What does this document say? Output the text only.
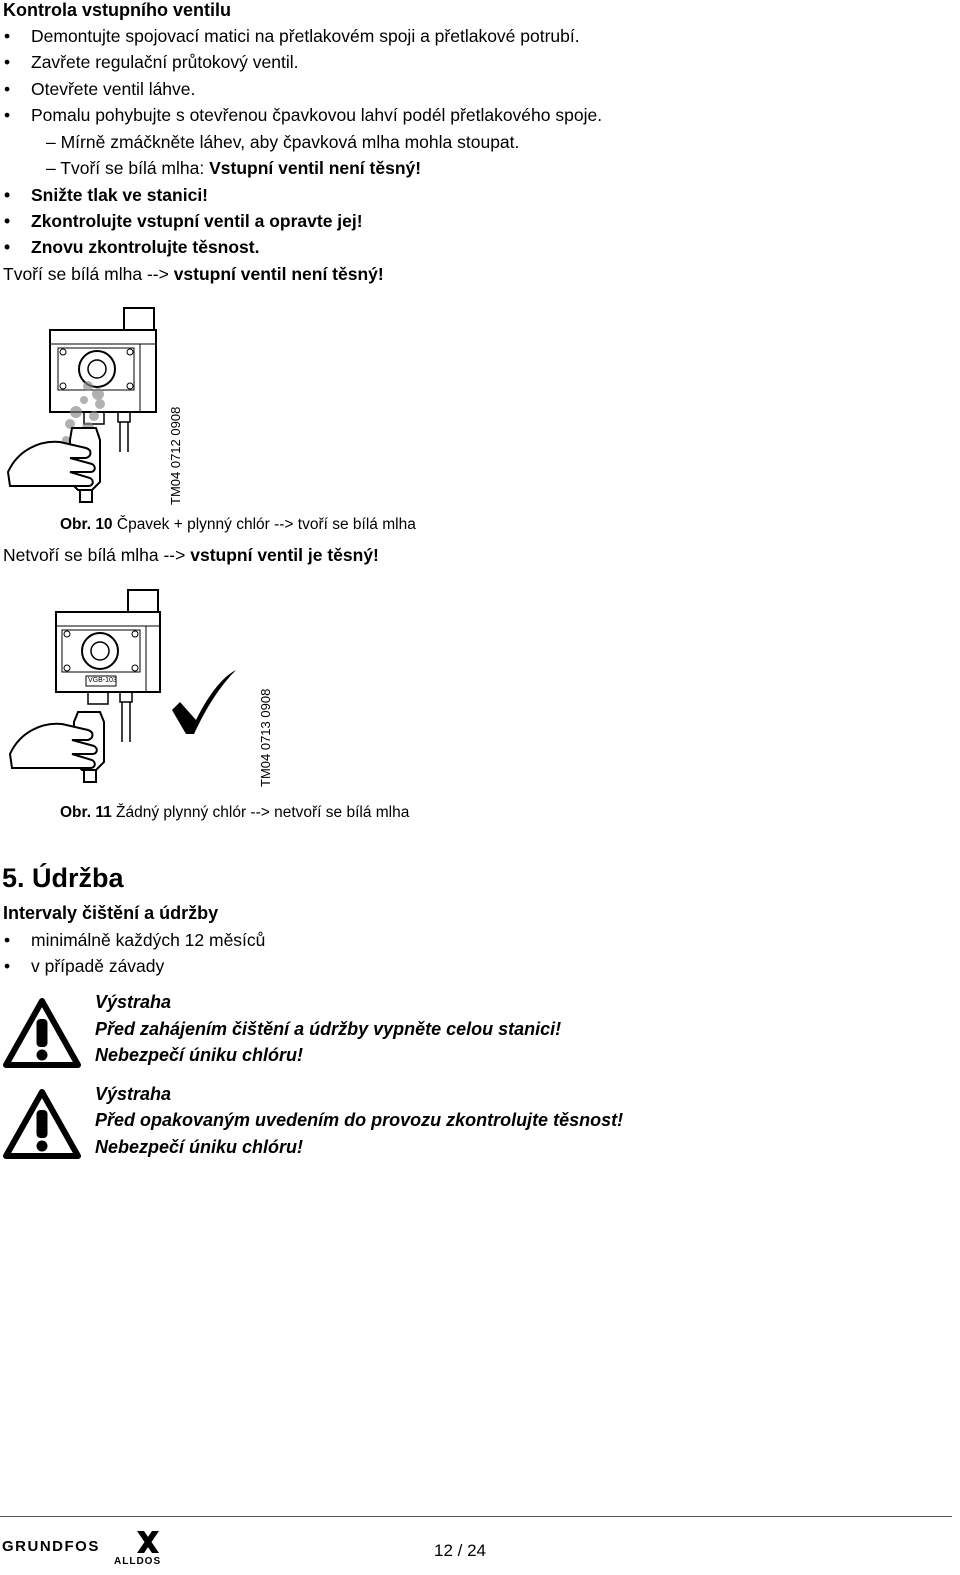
Kontrola vstupního ventilu
• Demontujte spojovací matici na přetlakovém spoji a přetlakové potrubí.
• Zavřete regulační průtokový ventil.
• Otevřete ventil láhve.
• Pomalu pohybujte s otevřenou čpavkovou lahví podél přetlakového spoje.
– Mírně zmáčkněte láhev, aby čpavková mlha mohla stoupat.
– Tvoří se bílá mlha: Vstupní ventil není těsný!
• Snižte tlak ve stanici!
• Zkontrolujte vstupní ventil a opravte jej!
• Znovu zkontrolujte těsnost.
Tvoří se bílá mlha --> vstupní ventil není těsný!
TM04 0712 0908
Obr. 10 Čpavek + plynný chlór --> tvoří se bílá mlha
Netvoří se bílá mlha --> vstupní ventil je těsný!
VGB-103
TM04 0713 0908
Obr. 11 Žádný plynný chlór --> netvoří se bílá mlha
5. Údržba
Intervaly čištění a údržby
• minimálně každých 12 měsíců
• v případě závady
Výstraha
Před zahájením čištění a údržby vypněte celou stanici!
Nebezpečí úniku chlóru!
Výstraha
Před opakovaným uvedením do provozu zkontrolujte těsnost!
Nebezpečí úniku chlóru!
GRUNDFOS
ALLDOS
12 / 24
